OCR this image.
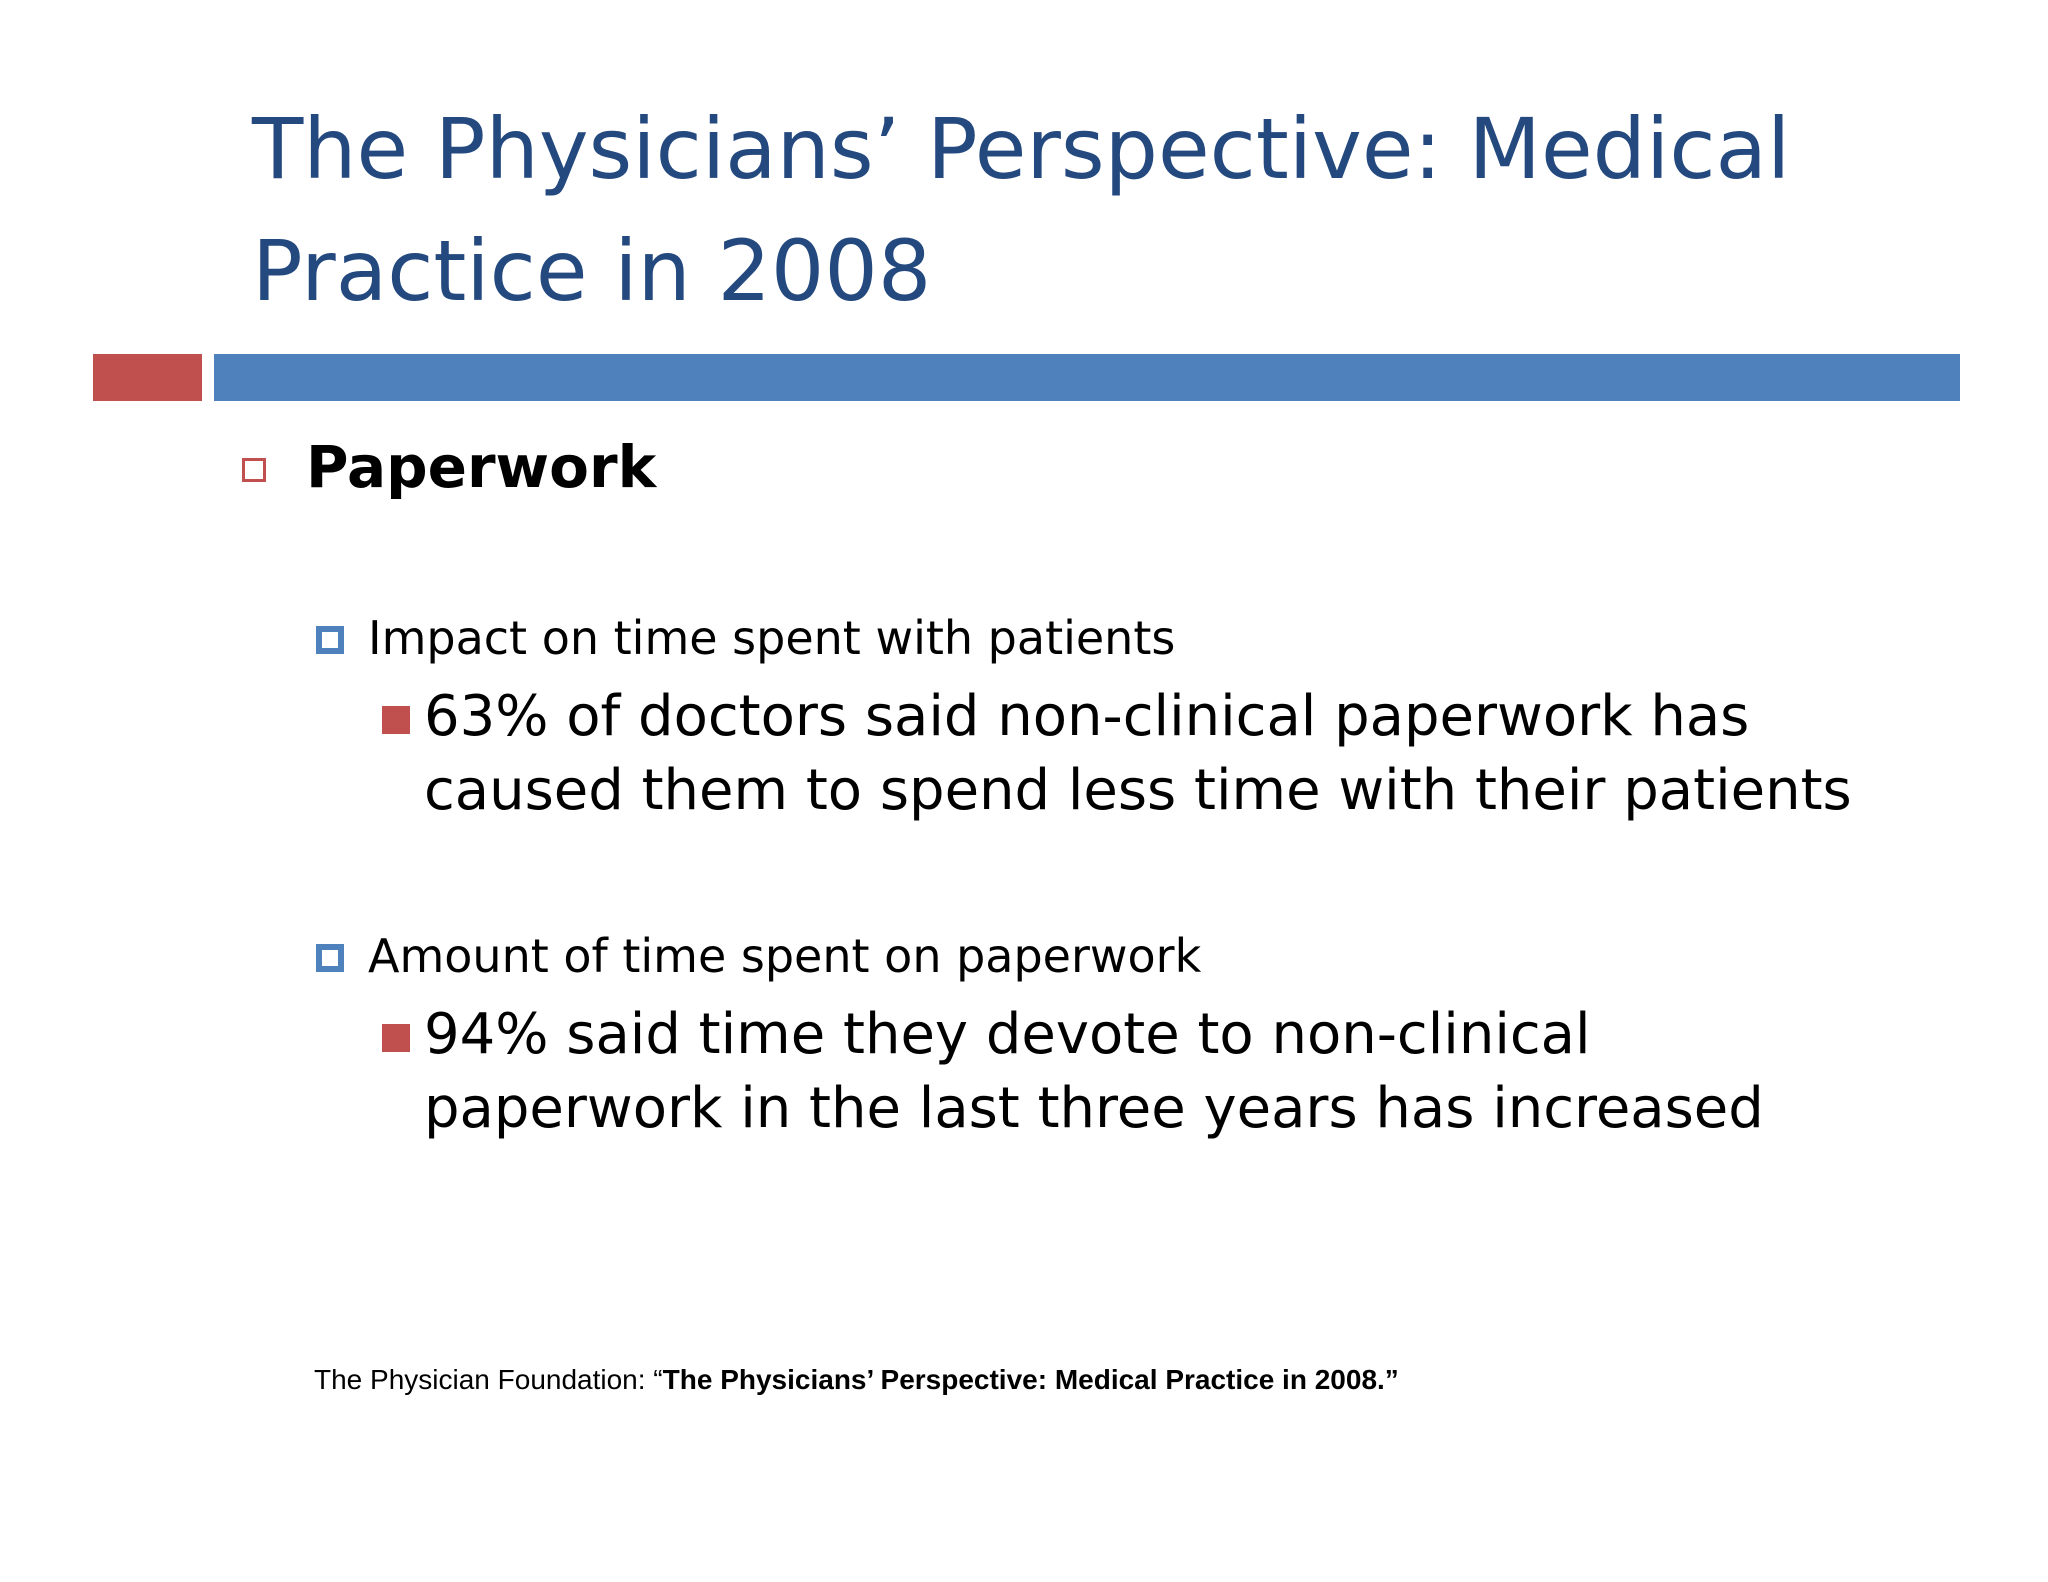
The Physicians’ Perspective: Medical
Practice in 2008
Paperwork
Impact on time spent with patients
63% of doctors said non-clinical paperwork has
caused them to spend less time with their patients
Amount of time spent on paperwork
94% said time they devote to non-clinical
paperwork in the last three years has increased
The Physician Foundation: “The Physicians’ Perspective: Medical Practice in 2008.”
